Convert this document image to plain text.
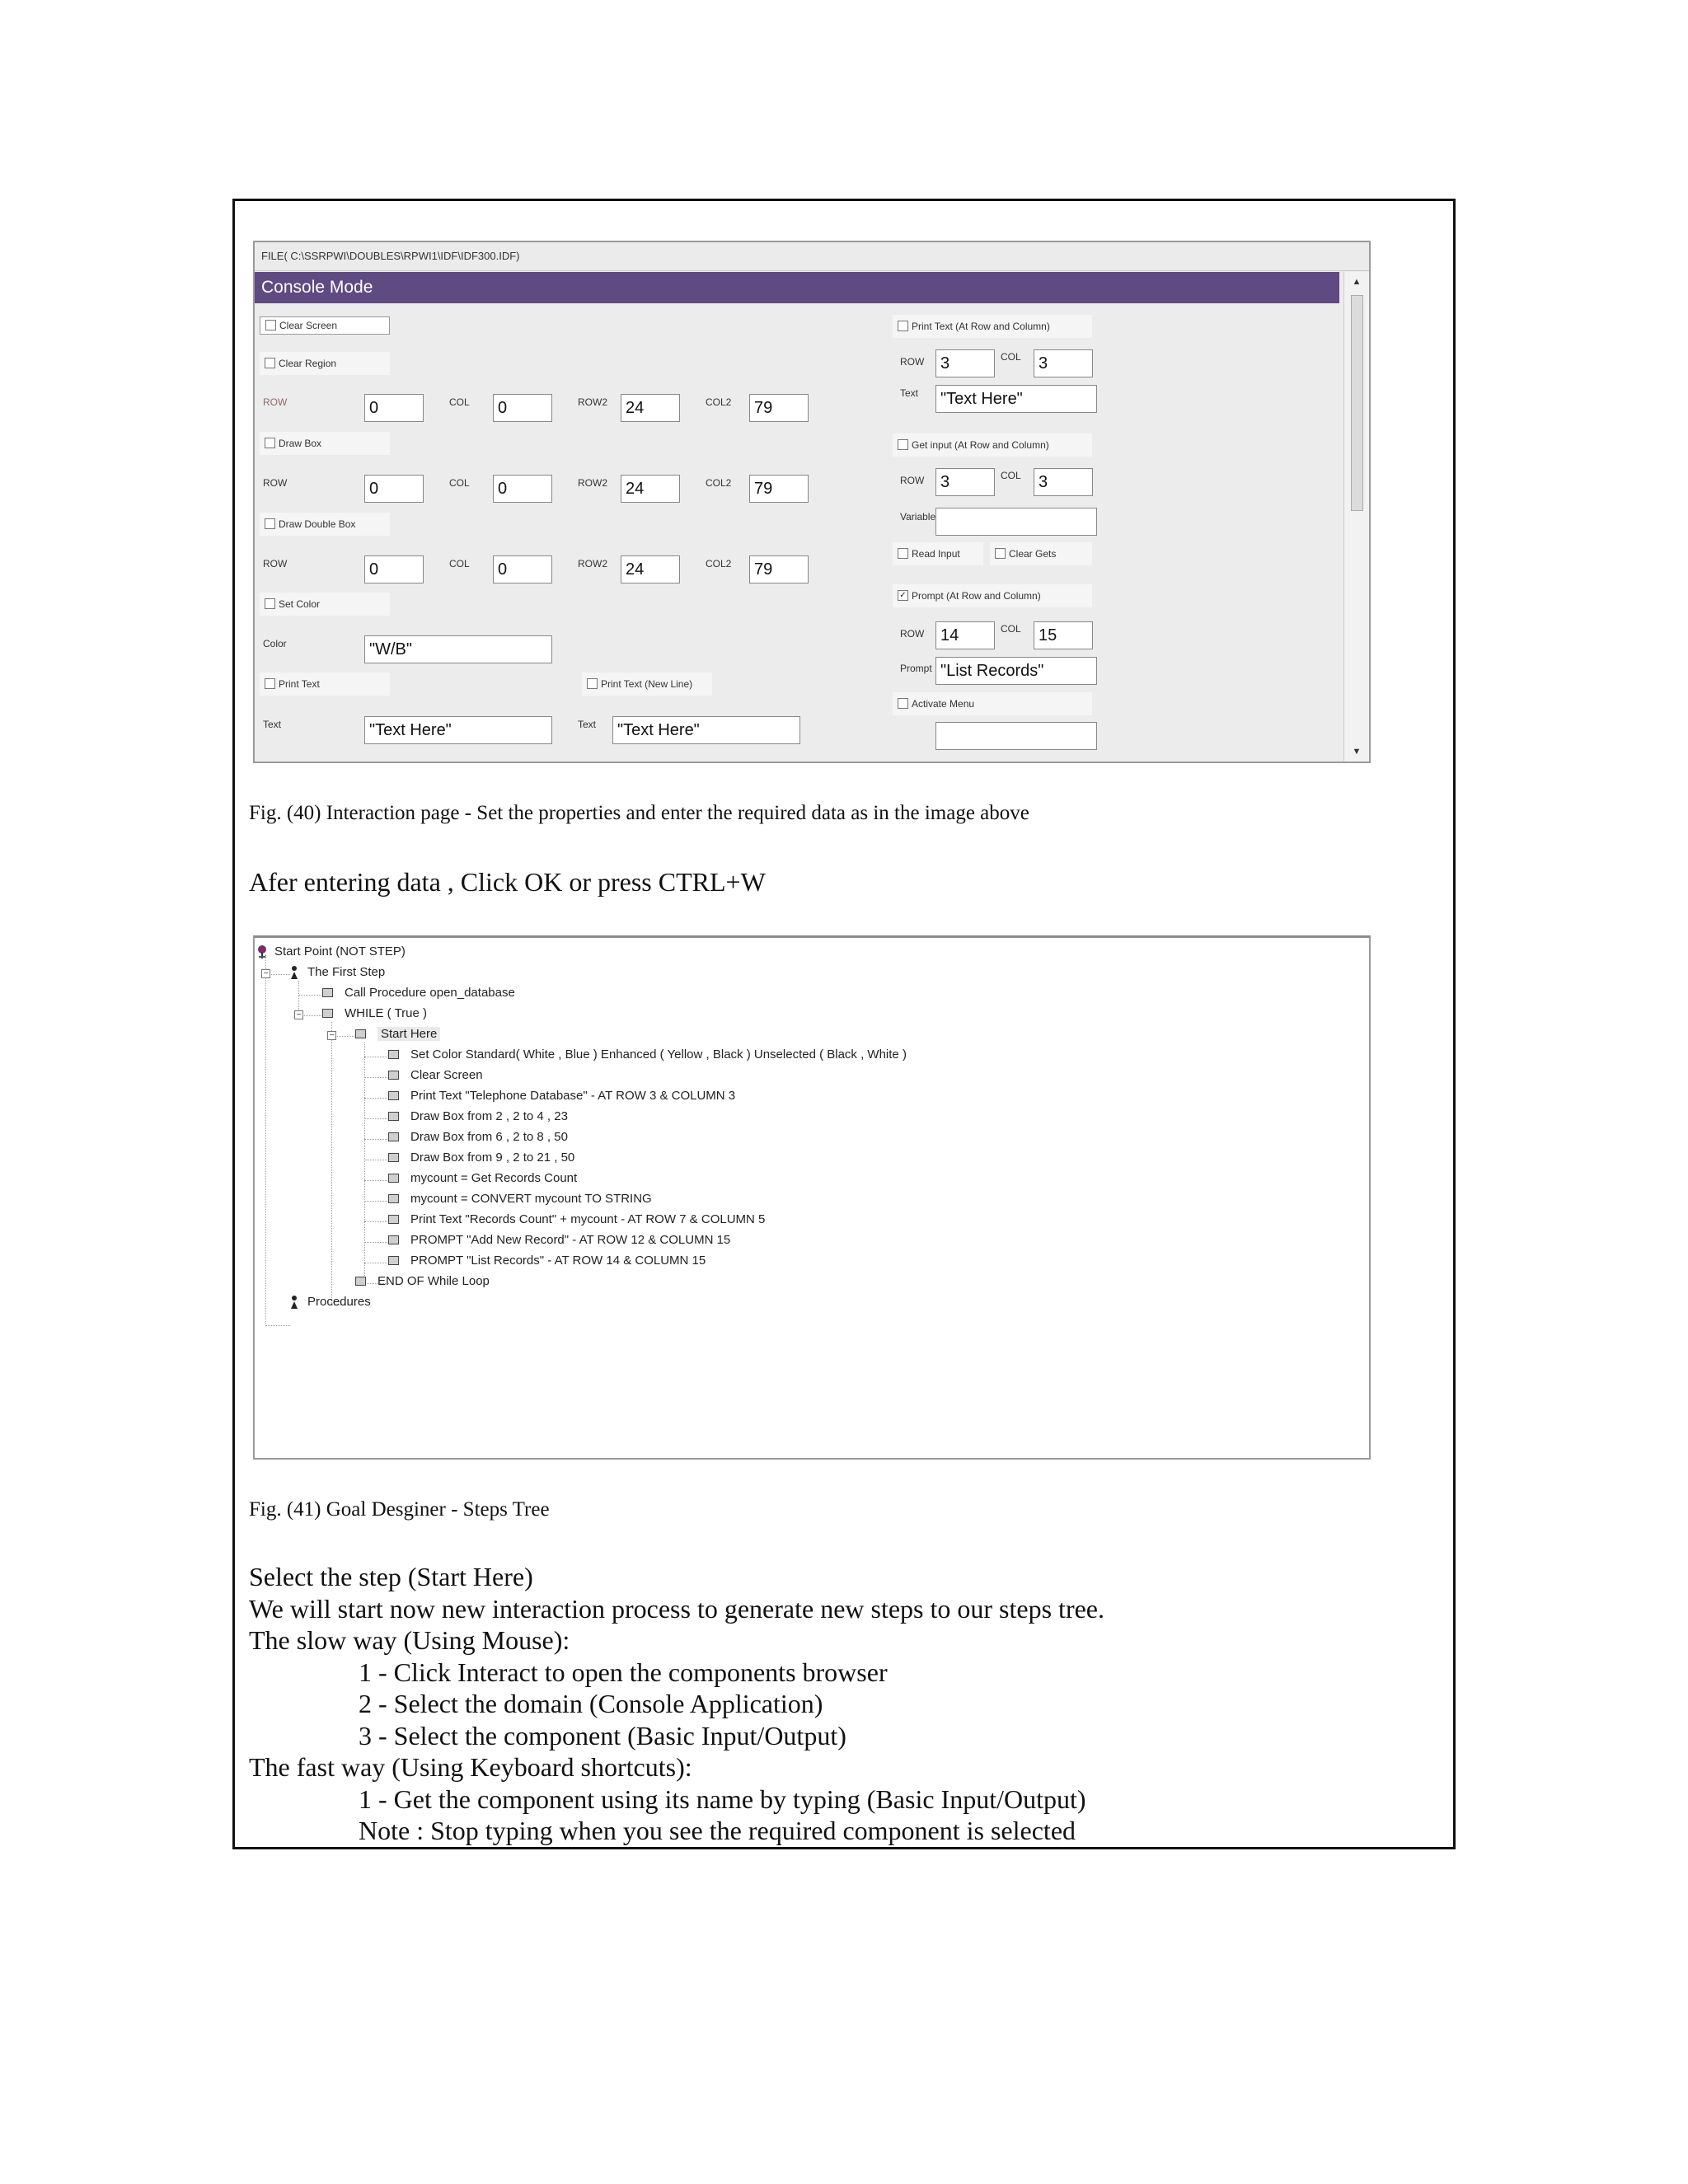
FILE( C:\SSRPWI\DOUBLES\RPWI1\IDF\IDF300.IDF)
Console Mode	▲
▼
Clear Screen
Clear Region
ROW	0	COL	0	ROW2	24	COL2	79
Draw Box
ROW	0	COL	0	ROW2	24	COL2	79
Draw Double Box
ROW	0	COL	0	ROW2	24	COL2	79
Set Color
Color	"W/B"
Print Text	Print Text (New Line)
Text	"Text Here"	Text	"Text Here"
Print Text (At Row and Column)
ROW 3	COL	3
Text	"Text Here"
Get input (At Row and Column)
ROW 3	COL	3
Variable
Read Input	Clear Gets
✓ Prompt (At Row and Column)
ROW 14	COL	15
Prompt "List Records"
Activate Menu
Fig. (40) Interaction page - Set the properties and enter the required data as in the image above
Afer entering data , Click OK or press CTRL+W
−
−
−
Start Point (NOT STEP)
The First Step
Call Procedure open_database
WHILE ( True )
Start Here
Set Color Standard( White , Blue ) Enhanced ( Yellow , Black ) Unselected ( Black , White )
Clear Screen
Print Text "Telephone Database" - AT ROW 3 & COLUMN 3
Draw Box from 2 , 2 to 4 , 23
Draw Box from 6 , 2 to 8 , 50
Draw Box from 9 , 2 to 21 , 50
mycount = Get Records Count
mycount = CONVERT mycount TO STRING
Print Text "Records Count" + mycount - AT ROW 7 & COLUMN 5
PROMPT "Add New Record" - AT ROW 12 & COLUMN 15
PROMPT "List Records" - AT ROW 14 & COLUMN 15
END OF While Loop
Procedures
Fig. (41) Goal Desginer - Steps Tree
Select the step (Start Here)
We will start now new interaction process to generate new steps to our steps tree.
The slow way (Using Mouse):
1 - Click Interact to open the components browser
2 - Select the domain (Console Application)
3 - Select the component (Basic Input/Output)
The fast way (Using Keyboard shortcuts):
1 - Get the component using its name by typing (Basic Input/Output)
Note : Stop typing when you see the required component is selected
